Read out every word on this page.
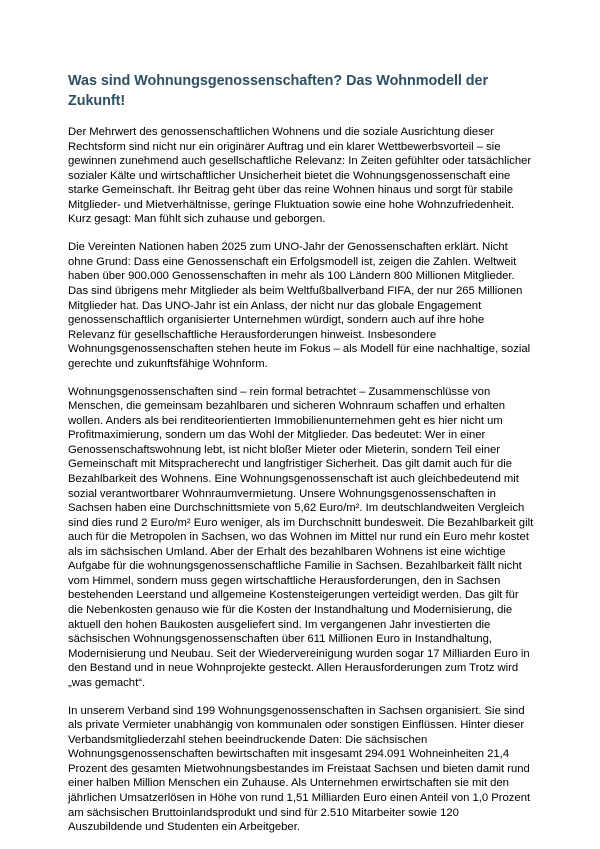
Was sind Wohnungsgenossenschaften? Das Wohnmodell der Zukunft!

Der Mehrwert des genossenschaftlichen Wohnens und die soziale Ausrichtung dieser Rechtsform sind nicht nur ein originärer Auftrag und ein klarer Wettbewerbsvorteil – sie gewinnen zunehmend auch gesellschaftliche Relevanz: In Zeiten gefühlter oder tatsächlicher sozialer Kälte und wirtschaftlicher Unsicherheit bietet die Wohnungsgenossenschaft eine starke Gemeinschaft. Ihr Beitrag geht über das reine Wohnen hinaus und sorgt für stabile Mitglieder- und Mietverhältnisse, geringe Fluktuation sowie eine hohe Wohnzufriedenheit. Kurz gesagt: Man fühlt sich zuhause und geborgen.

Die Vereinten Nationen haben 2025 zum UNO-Jahr der Genossenschaften erklärt. Nicht ohne Grund: Dass eine Genossenschaft ein Erfolgsmodell ist, zeigen die Zahlen. Weltweit haben über 900.000 Genossenschaften in mehr als 100 Ländern 800 Millionen Mitglieder. Das sind übrigens mehr Mitglieder als beim Weltfußballverband FIFA, der nur 265 Millionen Mitglieder hat. Das UNO-Jahr ist ein Anlass, der nicht nur das globale Engagement genossenschaftlich organisierter Unternehmen würdigt, sondern auch auf ihre hohe Relevanz für gesellschaftliche Herausforderungen hinweist. Insbesondere Wohnungsgenossenschaften stehen heute im Fokus – als Modell für eine nachhaltige, sozial gerechte und zukunftsfähige Wohnform.

Wohnungsgenossenschaften sind – rein formal betrachtet – Zusammenschlüsse von Menschen, die gemeinsam bezahlbaren und sicheren Wohnraum schaffen und erhalten wollen. Anders als bei renditeorientierten Immobilienunternehmen geht es hier nicht um Profitmaximierung, sondern um das Wohl der Mitglieder. Das bedeutet: Wer in einer Genossenschaftswohnung lebt, ist nicht bloßer Mieter oder Mieterin, sondern Teil einer Gemeinschaft mit Mitspracherecht und langfristiger Sicherheit. Das gilt damit auch für die Bezahlbarkeit des Wohnens. Eine Wohnungsgenossenschaft ist auch gleichbedeutend mit sozial verantwortbarer Wohnraumvermietung. Unsere Wohnungsgenossenschaften in Sachsen haben eine Durchschnittsmiete von 5,62 Euro/m². Im deutschlandweiten Vergleich sind dies rund 2 Euro/m² Euro weniger, als im Durchschnitt bundesweit. Die Bezahlbarkeit gilt auch für die Metropolen in Sachsen, wo das Wohnen im Mittel nur rund ein Euro mehr kostet als im sächsischen Umland. Aber der Erhalt des bezahlbaren Wohnens ist eine wichtige Aufgabe für die wohnungsgenossenschaftliche Familie in Sachsen. Bezahlbarkeit fällt nicht vom Himmel, sondern muss gegen wirtschaftliche Herausforderungen, den in Sachsen bestehenden Leerstand und allgemeine Kostensteigerungen verteidigt werden. Das gilt für die Nebenkosten genauso wie für die Kosten der Instandhaltung und Modernisierung, die aktuell den hohen Baukosten ausgeliefert sind. Im vergangenen Jahr investierten die sächsischen Wohnungsgenossenschaften über 611 Millionen Euro in Instandhaltung, Modernisierung und Neubau. Seit der Wiedervereinigung wurden sogar 17 Milliarden Euro in den Bestand und in neue Wohnprojekte gesteckt. Allen Herausforderungen zum Trotz wird „was gemacht“.

In unserem Verband sind 199 Wohnungsgenossenschaften in Sachsen organisiert. Sie sind als private Vermieter unabhängig von kommunalen oder sonstigen Einflüssen. Hinter dieser Verbandsmitgliederzahl stehen beeindruckende Daten: Die sächsischen Wohnungsgenossenschaften bewirtschaften mit insgesamt 294.091 Wohneinheiten 21,4 Prozent des gesamten Mietwohnungsbestandes im Freistaat Sachsen und bieten damit rund einer halben Million Menschen ein Zuhause. Als Unternehmen erwirtschaften sie mit den jährlichen Umsatzerlösen in Höhe von rund 1,51 Milliarden Euro einen Anteil von 1,0 Prozent am sächsischen Bruttoinlandsprodukt und sind für 2.510 Mitarbeiter sowie 120 Auszubildende und Studenten ein Arbeitgeber.
